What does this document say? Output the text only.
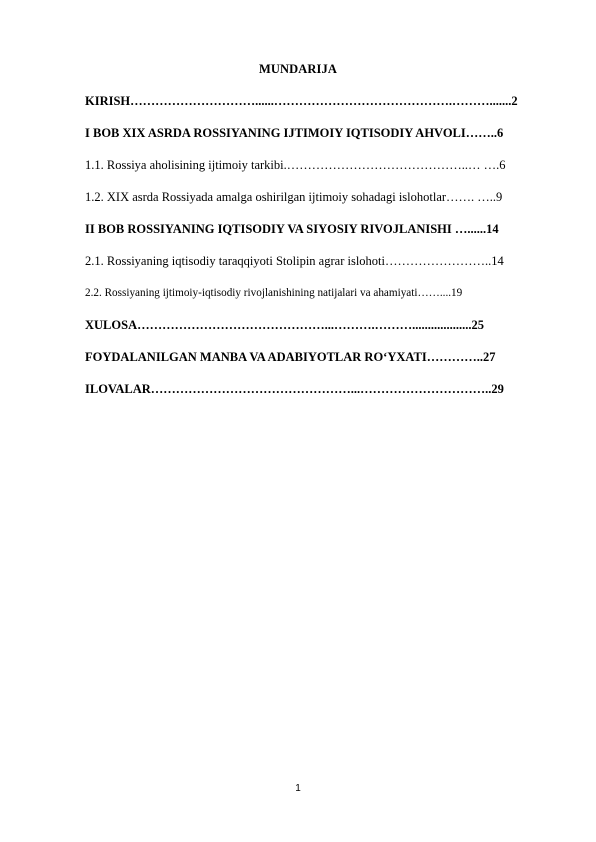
MUNDARIJA
KIRISH…………………………......…………………………………….……….......2
I BOB XIX ASRDA ROSSIYANING IJTIMOIY IQTISODIY AHVOLI……..6
1.1. Rossiya aholisining ijtimoiy tarkibi.……………………………………..… ….6
1.2. XIX asrda Rossiyada amalga oshirilgan ijtimoiy sohadagi islohotlar……. …..9
II BOB ROSSIYANING IQTISODIY VA SIYOSIY RIVOJLANISHI …......14
2.1. Rossiyaning iqtisodiy taraqqiyoti Stolipin agrar islohoti……………………..14
2.2. Rossiyaning ijtimoiy-iqtisodiy rivojlanishining natijalari va ahamiyati……....19
XULOSA………………………………………...……….………...................25
FOYDALANILGAN MANBA VA ADABIYOTLAR RO‘YXATI…………..27
ILOVALAR…………………………………………...…………………………..29
1
